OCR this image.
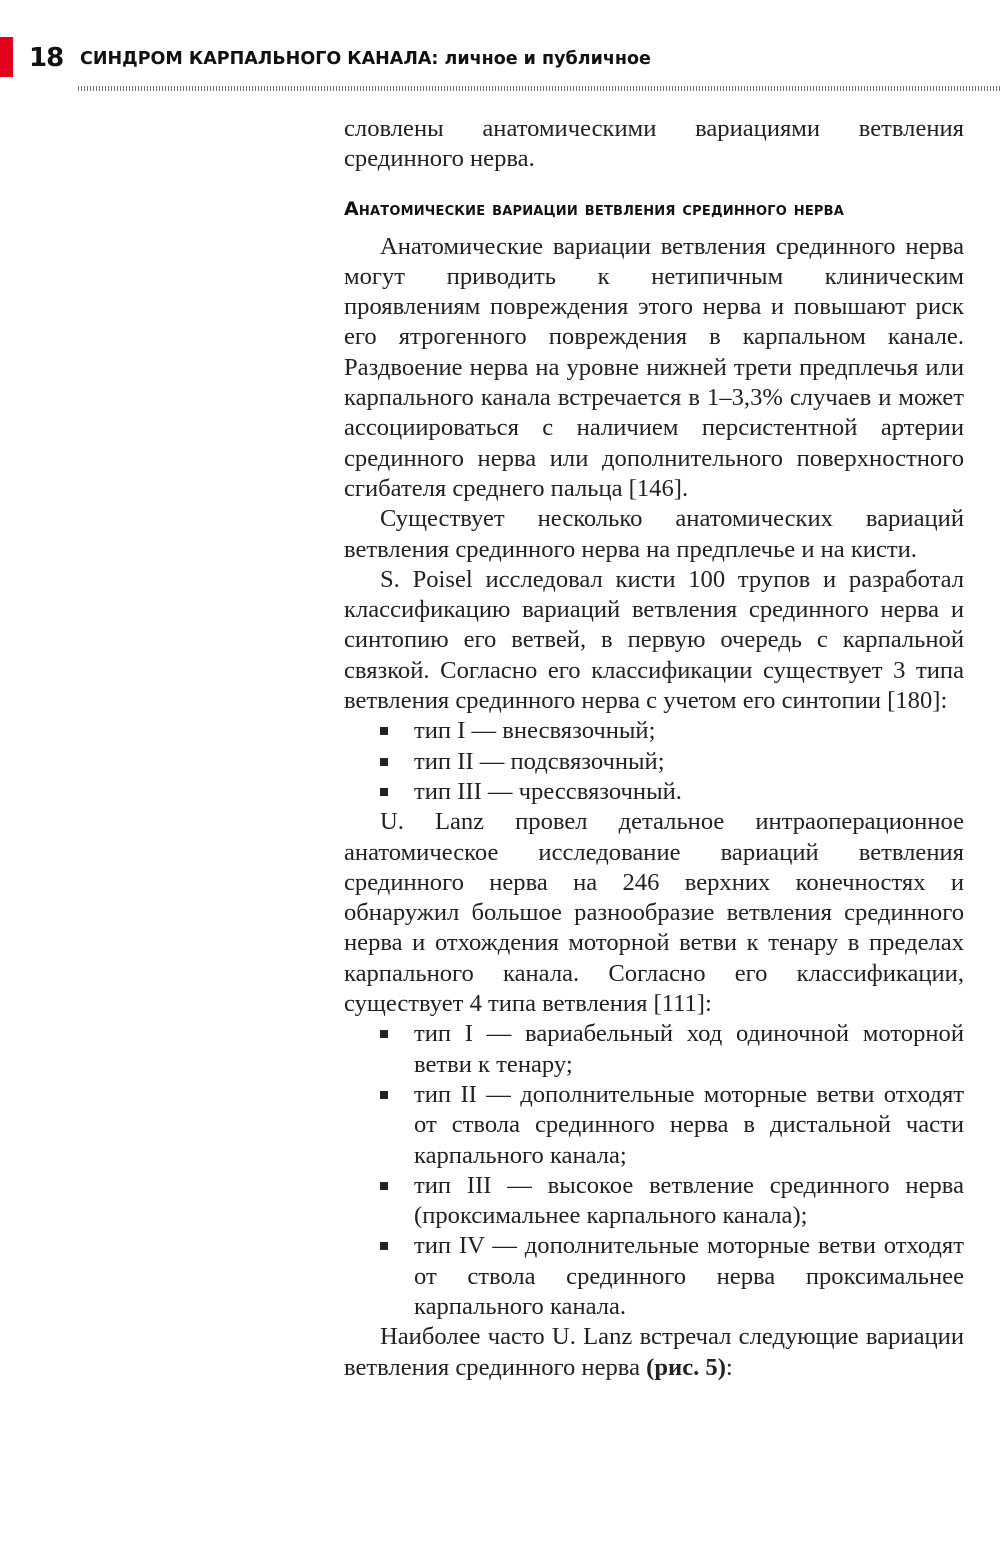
18 СИНДРОМ КАРПАЛЬНОГО КАНАЛА: личное и публичное

словлены анатомическими вариациями ветвления срединного нерва.

Анатомические вариации ветвления срединного нерва

Анатомические вариации ветвления срединного нерва могут приводить к нетипичным клиническим проявлениям повреждения этого нерва и повышают риск его ятрогенного повреждения в карпальном канале. Раздвоение нерва на уровне нижней трети предплечья или карпального канала встречается в 1–3,3% случаев и может ассоциироваться с наличием персистентной артерии срединного нерва или дополнительного поверхностного сгибателя среднего пальца [146].

Существует несколько анатомических вариаций ветвления срединного нерва на предплечье и на кисти.

S. Poisel исследовал кисти 100 трупов и разработал классификацию вариаций ветвления срединного нерва и синтопию его ветвей, в первую очередь с карпальной связкой. Согласно его классификации существует 3 типа ветвления срединного нерва с учетом его синтопии [180]:

тип I — внесвязочный;
тип II — подсвязочный;
тип III — чрессвязочный.

U. Lanz провел детальное интраоперационное анатомическое исследование вариаций ветвления срединного нерва на 246 верхних конечностях и обнаружил большое разнообразие ветвления срединного нерва и отхождения моторной ветви к тенару в пределах карпального канала. Согласно его классификации, существует 4 типа ветвления [111]:

тип I — вариабельный ход одиночной моторной ветви к тенару;
тип II — дополнительные моторные ветви отходят от ствола срединного нерва в дистальной части карпального канала;
тип III — высокое ветвление срединного нерва (проксимальнее карпального канала);
тип IV — дополнительные моторные ветви отходят от ствола срединного нерва проксимальнее карпального канала.

Наиболее часто U. Lanz встречал следующие вариации ветвления срединного нерва (рис. 5):
